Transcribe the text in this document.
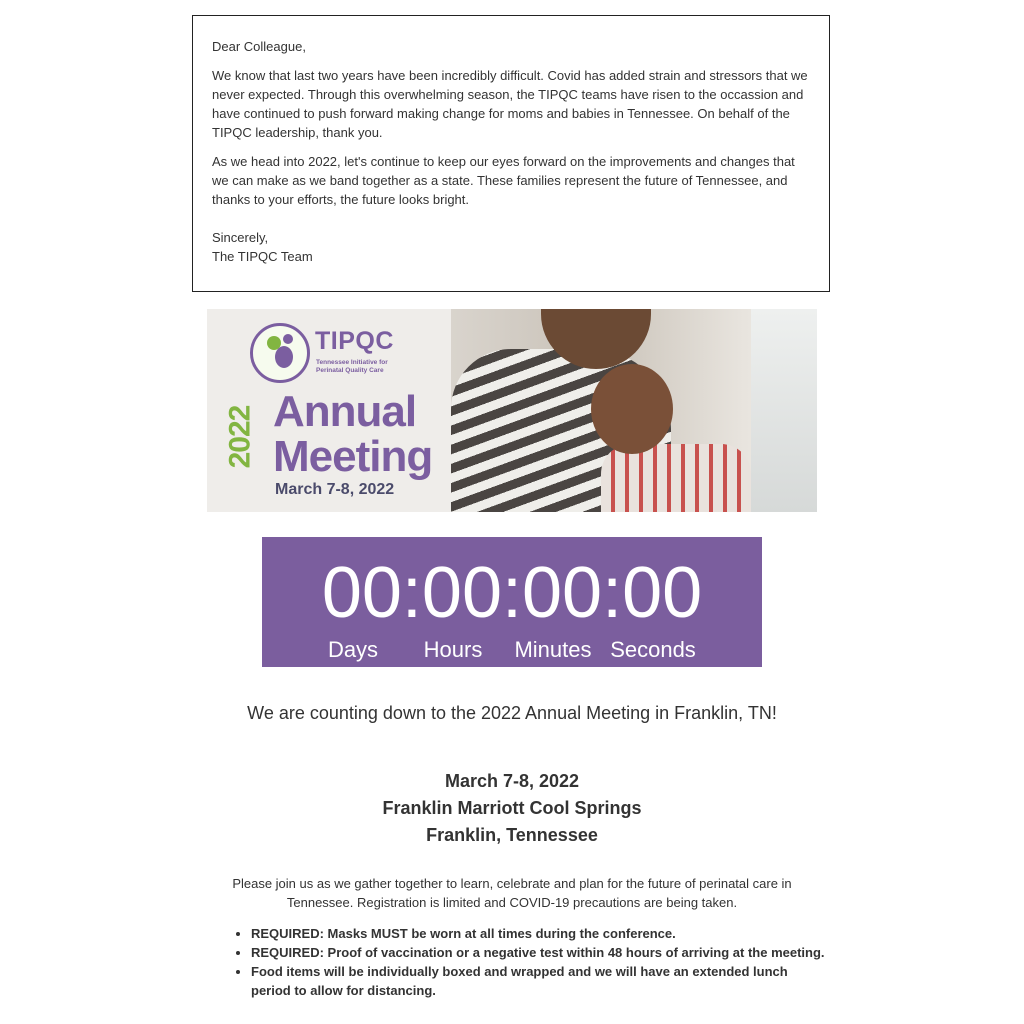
Dear Colleague,

We know that last two years have been incredibly difficult. Covid has added strain and stressors that we never expected. Through this overwhelming season, the TIPQC teams have risen to the occassion and have continued to push forward making change for moms and babies in Tennessee. On behalf of the TIPQC leadership, thank you.

As we head into 2022, let's continue to keep our eyes forward on the improvements and changes that we can make as we band together as a state. These families represent the future of Tennessee, and thanks to your efforts, the future looks bright.

Sincerely,
The TIPQC Team
TIPQC
Tennessee Initiative for Perinatal Quality Care
2022 Annual
Meeting
March 7-8, 2022
00:00:00:00
Days	Hours	Minutes Seconds
We are counting down to the 2022 Annual Meeting in Franklin, TN!
March 7-8, 2022
Franklin Marriott Cool Springs
Franklin, Tennessee
Please join us as we gather together to learn, celebrate and plan for the future of perinatal care in Tennessee. Registration is limited and COVID-19 precautions are being taken.
• REQUIRED: Masks MUST be worn at all times during the conference.
• REQUIRED: Proof of vaccination or a negative test within 48 hours of arriving at the meeting.
• Food items will be individually boxed and wrapped and we will have an extended lunch period to allow for distancing.
